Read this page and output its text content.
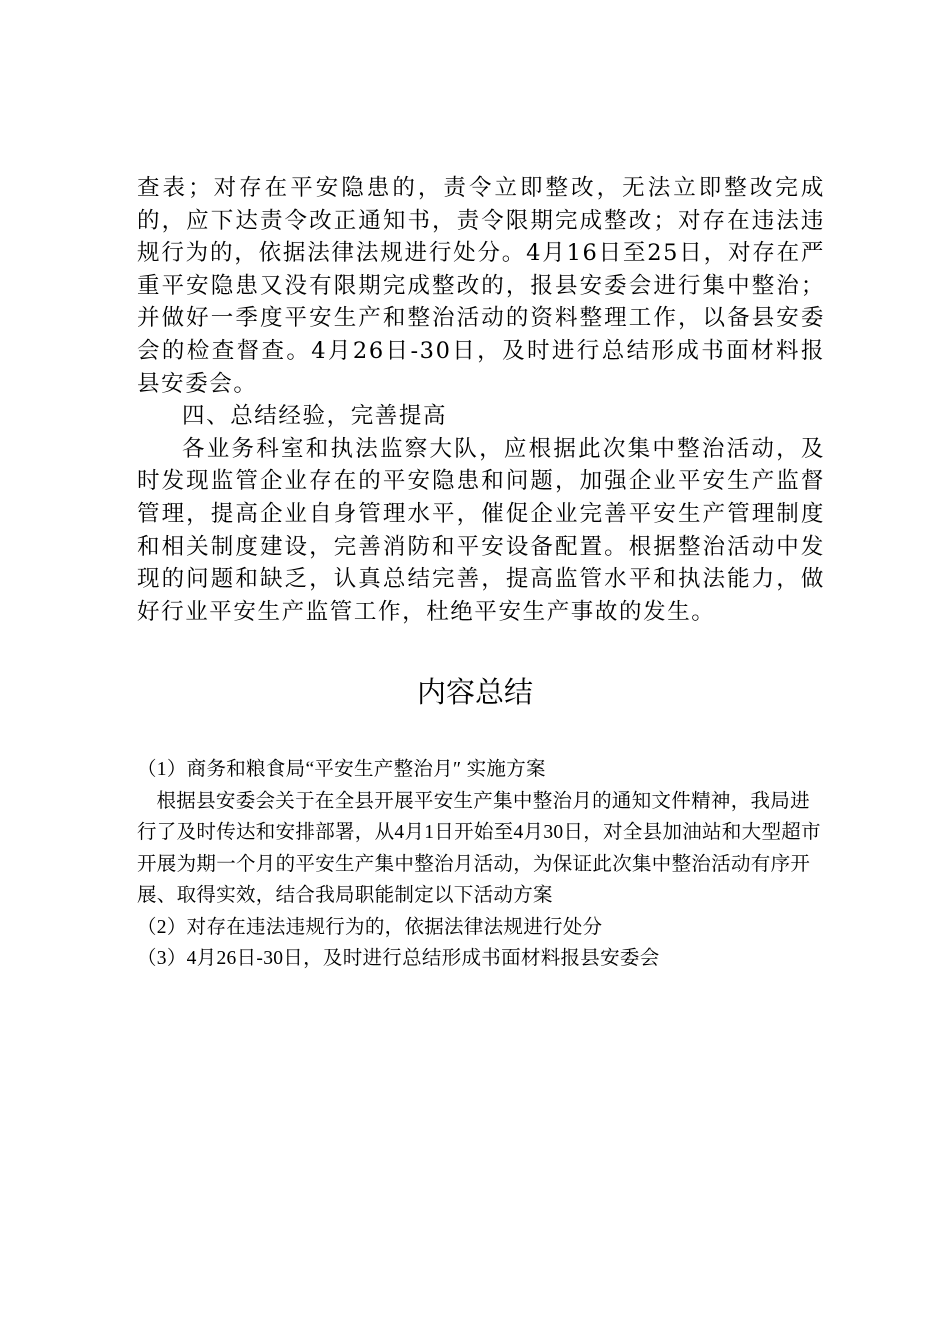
查表；对存在平安隐患的，责令立即整改，无法立即整改完成的，应下达责令改正通知书，责令限期完成整改；对存在违法违规行为的，依据法律法规进行处分。4月16日至25日，对存在严重平安隐患又没有限期完成整改的，报县安委会进行集中整治；并做好一季度平安生产和整治活动的资料整理工作，以备县安委会的检查督查。4月26日-30日，及时进行总结形成书面材料报县安委会。

四、总结经验，完善提高

各业务科室和执法监察大队，应根据此次集中整治活动，及时发现监管企业存在的平安隐患和问题，加强企业平安生产监督管理，提高企业自身管理水平，催促企业完善平安生产管理制度和相关制度建设，完善消防和平安设备配置。根据整治活动中发现的问题和缺乏，认真总结完善，提高监管水平和执法能力，做好行业平安生产监管工作，杜绝平安生产事故的发生。

内容总结

（1）商务和粮食局“平安生产整治月″ 实施方案

根据县安委会关于在全县开展平安生产集中整治月的通知文件精神，我局进行了及时传达和安排部署，从4月1日开始至4月30日，对全县加油站和大型超市开展为期一个月的平安生产集中整治月活动，为保证此次集中整治活动有序开展、取得实效，结合我局职能制定以下活动方案

（2）对存在违法违规行为的，依据法律法规进行处分

（3）4月26日-30日，及时进行总结形成书面材料报县安委会
